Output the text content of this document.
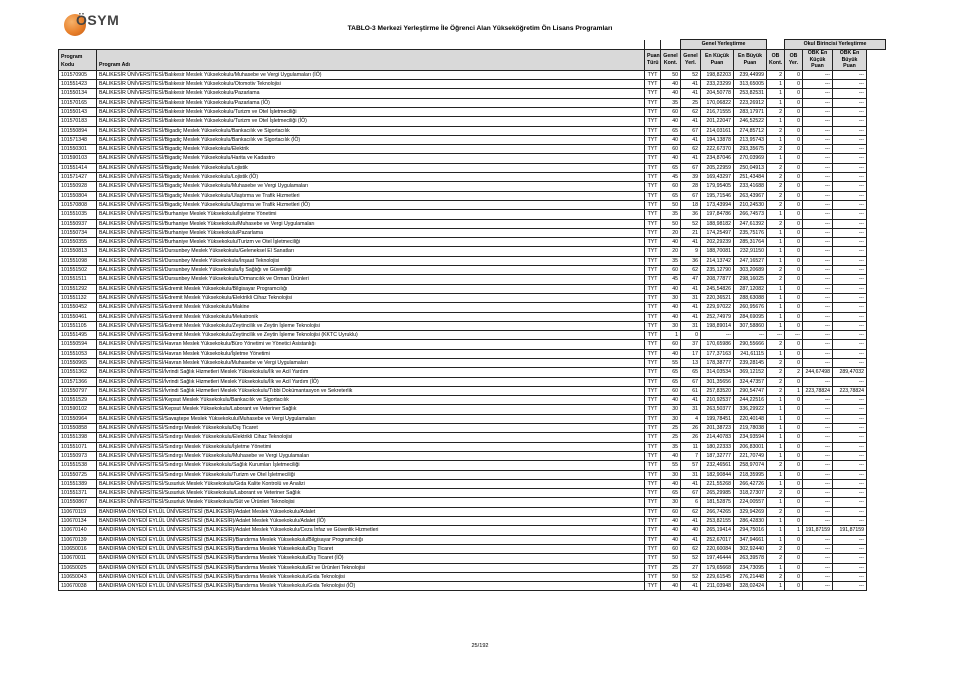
ÖSYM
TABLO-3 Merkezi Yerleştirme İle Öğrenci Alan Yükseköğretim Ön Lisans Programları
				Genel Yerleştirme				Okul Birincisi Yerleştirme		
Program Kodu	Program Adı	Puan Türü	Genel Kont.	Genel Yerl.	En Küçük Puan	En Büyük Puan	OB Kont.	OB Yer.	OBK En Küçük Puan	OBK En Büyük Puan
101570905	BALIKESİR ÜNİVERSİTESİ/Balıkesir Meslek Yüksekokulu/Muhasebe ve Vergi Uygulamaları (İÖ)	TYT	50	52	198,82203	239,44999	2	0	---	---
101551423	BALIKESİR ÜNİVERSİTESİ/Balıkesir Meslek Yüksekokulu/Otomotiv Teknolojisi	TYT	40	41	233,23299	313,65005	1	0	---	---
101550134	BALIKESİR ÜNİVERSİTESİ/Balıkesir Meslek Yüksekokulu/Pazarlama	TYT	40	41	204,50778	253,82531	1	0	---	---
101570165	BALIKESİR ÜNİVERSİTESİ/Balıkesir Meslek Yüksekokulu/Pazarlama (İÖ)	TYT	35	25	170,06822	223,26912	1	0	---	---
101550143	BALIKESİR ÜNİVERSİTESİ/Balıkesir Meslek Yüksekokulu/Turizm ve Otel İşletmeciliği	TYT	60	62	216,71555	283,17971	2	0	---	---
101570183	BALIKESİR ÜNİVERSİTESİ/Balıkesir Meslek Yüksekokulu/Turizm ve Otel İşletmeciliği (İÖ)	TYT	40	41	201,22047	246,52522	1	0	---	---
101550894	BALIKESİR ÜNİVERSİTESİ/Bigadiç Meslek Yüksekokulu/Bankacılık ve Sigortacılık	TYT	65	67	214,03161	274,85712	2	0	---	---
101571348	BALIKESİR ÜNİVERSİTESİ/Bigadiç Meslek Yüksekokulu/Bankacılık ve Sigortacılık (İÖ)	TYT	40	41	194,13878	213,95743	1	0	---	---
101550301	BALIKESİR ÜNİVERSİTESİ/Bigadiç Meslek Yüksekokulu/Elektrik	TYT	60	62	222,67370	293,35675	2	0	---	---
101590103	BALIKESİR ÜNİVERSİTESİ/Bigadiç Meslek Yüksekokulu/Harita ve Kadastro	TYT	40	41	234,87046	270,03969	1	0	---	---
101551414	BALIKESİR ÜNİVERSİTESİ/Bigadiç Meslek Yüksekokulu/Lojistik	TYT	65	67	205,22959	250,04913	2	0	---	---
101571427	BALIKESİR ÜNİVERSİTESİ/Bigadiç Meslek Yüksekokulu/Lojistik (İÖ)	TYT	45	39	169,43297	251,43484	2	0	---	---
101550928	BALIKESİR ÜNİVERSİTESİ/Bigadiç Meslek Yüksekokulu/Muhasebe ve Vergi Uygulamaları	TYT	60	28	179,95405	233,41688	2	0	---	---
101550804	BALIKESİR ÜNİVERSİTESİ/Bigadiç Meslek Yüksekokulu/Ulaştırma ve Trafik Hizmetleri	TYT	65	67	195,71546	263,43967	2	0	---	---
101570808	BALIKESİR ÜNİVERSİTESİ/Bigadiç Meslek Yüksekokulu/Ulaştırma ve Trafik Hizmetleri (İÖ)	TYT	50	18	173,43994	210,24530	2	0	---	---
101551035	BALIKESİR ÜNİVERSİTESİ/Burhaniye Meslek Yüksekokulu/İşletme Yönetimi	TYT	35	36	197,84786	266,74573	1	0	---	---
101550937	BALIKESİR ÜNİVERSİTESİ/Burhaniye Meslek Yüksekokulu/Muhasebe ve Vergi Uygulamaları	TYT	50	52	188,98182	247,61392	2	0	---	---
101550734	BALIKESİR ÜNİVERSİTESİ/Burhaniye Meslek Yüksekokulu/Pazarlama	TYT	20	21	174,25497	235,75176	1	0	---	---
101550355	BALIKESİR ÜNİVERSİTESİ/Burhaniye Meslek Yüksekokulu/Turizm ve Otel İşletmeciliği	TYT	40	41	202,29239	285,31764	1	0	---	---
101550813	BALIKESİR ÜNİVERSİTESİ/Dursunbey Meslek Yüksekokulu/Geleneksel El Sanatları	TYT	20	9	188,70081	232,91150	1	0	---	---
101551098	BALIKESİR ÜNİVERSİTESİ/Dursunbey Meslek Yüksekokulu/İnşaat Teknolojisi	TYT	35	36	214,13742	247,16527	1	0	---	---
101551502	BALIKESİR ÜNİVERSİTESİ/Dursunbey Meslek Yüksekokulu/İş Sağlığı ve Güvenliği	TYT	60	62	235,12790	303,20689	2	0	---	---
101551511	BALIKESİR ÜNİVERSİTESİ/Dursunbey Meslek Yüksekokulu/Ormancılık ve Orman Ürünleri	TYT	45	47	208,77877	298,16025	2	0	---	---
101551292	BALIKESİR ÜNİVERSİTESİ/Edremit Meslek Yüksekokulu/Bilgisayar Programcılığı	TYT	40	41	245,54826	287,12082	1	0	---	---
101551132	BALIKESİR ÜNİVERSİTESİ/Edremit Meslek Yüksekokulu/Elektrikli Cihaz Teknolojisi	TYT	30	31	220,36521	288,63088	1	0	---	---
101550452	BALIKESİR ÜNİVERSİTESİ/Edremit Meslek Yüksekokulu/Makine	TYT	40	41	229,97022	260,95676	1	0	---	---
101550461	BALIKESİR ÜNİVERSİTESİ/Edremit Meslek Yüksekokulu/Mekatronik	TYT	40	41	252,74979	284,69095	1	0	---	---
101551105	BALIKESİR ÜNİVERSİTESİ/Edremit Meslek Yüksekokulu/Zeytincilik ve Zeytin İşleme Teknolojisi	TYT	30	31	198,89014	307,58860	1	0	---	---
101551495	BALIKESİR ÜNİVERSİTESİ/Edremit Meslek Yüksekokulu/Zeytincilik ve Zeytin İşleme Teknolojisi (KKTC Uyruklu)	TYT	1	0	---	---	---	---	---	---
101550594	BALIKESİR ÜNİVERSİTESİ/Havran Meslek Yüksekokulu/Büro Yönetimi ve Yönetici Asistanlığı	TYT	60	37	170,65986	290,55666	2	0	---	---
101551053	BALIKESİR ÜNİVERSİTESİ/Havran Meslek Yüksekokulu/İşletme Yönetimi	TYT	40	17	177,37163	241,61115	1	0	---	---
101550965	BALIKESİR ÜNİVERSİTESİ/Havran Meslek Yüksekokulu/Muhasebe ve Vergi Uygulamaları	TYT	55	13	178,38777	239,28145	2	0	---	---
101551362	BALIKESİR ÜNİVERSİTESİ/İvrindi Sağlık Hizmetleri Meslek Yüksekokulu/İlk ve Acil Yardım	TYT	65	65	314,03534	369,12152	2	2	244,67498	289,47032
101571366	BALIKESİR ÜNİVERSİTESİ/İvrindi Sağlık Hizmetleri Meslek Yüksekokulu/İlk ve Acil Yardım (İÖ)	TYT	65	67	301,35656	324,47357	2	0	---	---
101550797	BALIKESİR ÜNİVERSİTESİ/İvrindi Sağlık Hizmetleri Meslek Yüksekokulu/Tıbbi Dokümantasyon ve Sekreterlik	TYT	60	61	257,83520	290,54747	2	1	223,78824	223,78824
101551529	BALIKESİR ÜNİVERSİTESİ/Kepsut Meslek Yüksekokulu/Bankacılık ve Sigortacılık	TYT	40	41	210,92537	244,22516	1	0	---	---
101590102	BALIKESİR ÜNİVERSİTESİ/Kepsut Meslek Yüksekokulu/Laborant ve Veteriner Sağlık	TYT	30	31	263,50377	336,29922	1	0	---	---
101550964	BALIKESİR ÜNİVERSİTESİ/Savaştepe Meslek Yüksekokulu/Muhasebe ve Vergi Uygulamaları	TYT	30	4	199,78451	220,40148	1	0	---	---
101550858	BALIKESİR ÜNİVERSİTESİ/Sındırgı Meslek Yüksekokulu/Dış Ticaret	TYT	25	26	201,38723	219,78038	1	0	---	---
101551398	BALIKESİR ÜNİVERSİTESİ/Sındırgı Meslek Yüksekokulu/Elektrikli Cihaz Teknolojisi	TYT	25	26	214,40783	234,93594	1	0	---	---
101551071	BALIKESİR ÜNİVERSİTESİ/Sındırgı Meslek Yüksekokulu/İşletme Yönetimi	TYT	35	11	180,22333	206,83001	1	0	---	---
101550973	BALIKESİR ÜNİVERSİTESİ/Sındırgı Meslek Yüksekokulu/Muhasebe ve Vergi Uygulamaları	TYT	40	7	187,32777	221,70749	1	0	---	---
101551538	BALIKESİR ÜNİVERSİTESİ/Sındırgı Meslek Yüksekokulu/Sağlık Kurumları İşletmeciliği	TYT	55	57	232,46561	258,97074	2	0	---	---
101550725	BALIKESİR ÜNİVERSİTESİ/Sındırgı Meslek Yüksekokulu/Turizm ve Otel İşletmeciliği	TYT	30	31	182,90844	218,35995	1	0	---	---
101551389	BALIKESİR ÜNİVERSİTESİ/Susurluk Meslek Yüksekokulu/Gıda Kalite Kontrolü ve Analizi	TYT	40	41	221,55268	266,42726	1	0	---	---
101551371	BALIKESİR ÜNİVERSİTESİ/Susurluk Meslek Yüksekokulu/Laborant ve Veteriner Sağlık	TYT	65	67	265,29985	318,27307	2	0	---	---
101550867	BALIKESİR ÜNİVERSİTESİ/Susurluk Meslek Yüksekokulu/Süt ve Ürünleri Teknolojisi	TYT	30	6	181,52875	224,00557	1	0	---	---
110670119	BANDIRMA ONYEDİ EYLÜL ÜNİVERSİTESİ (BALIKESİR)/Adalet Meslek Yüksekokulu/Adalet	TYT	60	62	266,74265	329,94269	2	0	---	---
110670134	BANDIRMA ONYEDİ EYLÜL ÜNİVERSİTESİ (BALIKESİR)/Adalet Meslek Yüksekokulu/Adalet (İÖ)	TYT	40	41	253,82155	286,42830	1	0	---	---
110670140	BANDIRMA ONYEDİ EYLÜL ÜNİVERSİTESİ (BALIKESİR)/Adalet Meslek Yüksekokulu/Ceza İnfaz ve Güvenlik Hizmetleri	TYT	40	40	265,19414	294,75016	1	1	191,87159	191,87159
110670139	BANDIRMA ONYEDİ EYLÜL ÜNİVERSİTESİ (BALIKESİR)/Bandırma Meslek Yüksekokulu/Bilgisayar Programcılığı	TYT	40	41	252,67017	347,94661	1	0	---	---
110650016	BANDIRMA ONYEDİ EYLÜL ÜNİVERSİTESİ (BALIKESİR)/Bandırma Meslek Yüksekokulu/Dış Ticaret	TYT	60	62	220,60084	302,92440	2	0	---	---
110670011	BANDIRMA ONYEDİ EYLÜL ÜNİVERSİTESİ (BALIKESİR)/Bandırma Meslek Yüksekokulu/Dış Ticaret (İÖ)	TYT	50	52	197,46444	263,39578	2	0	---	---
110650025	BANDIRMA ONYEDİ EYLÜL ÜNİVERSİTESİ (BALIKESİR)/Bandırma Meslek Yüksekokulu/Et ve Ürünleri Teknolojisi	TYT	25	27	179,65668	234,73095	1	0	---	---
110650043	BANDIRMA ONYEDİ EYLÜL ÜNİVERSİTESİ (BALIKESİR)/Bandırma Meslek Yüksekokulu/Gıda Teknolojisi	TYT	50	52	229,61545	276,21448	2	0	---	---
110670038	BANDIRMA ONYEDİ EYLÜL ÜNİVERSİTESİ (BALIKESİR)/Bandırma Meslek Yüksekokulu/Gıda Teknolojisi (İÖ)	TYT	40	41	211,03948	328,02424	1	0	---	---
25/192
